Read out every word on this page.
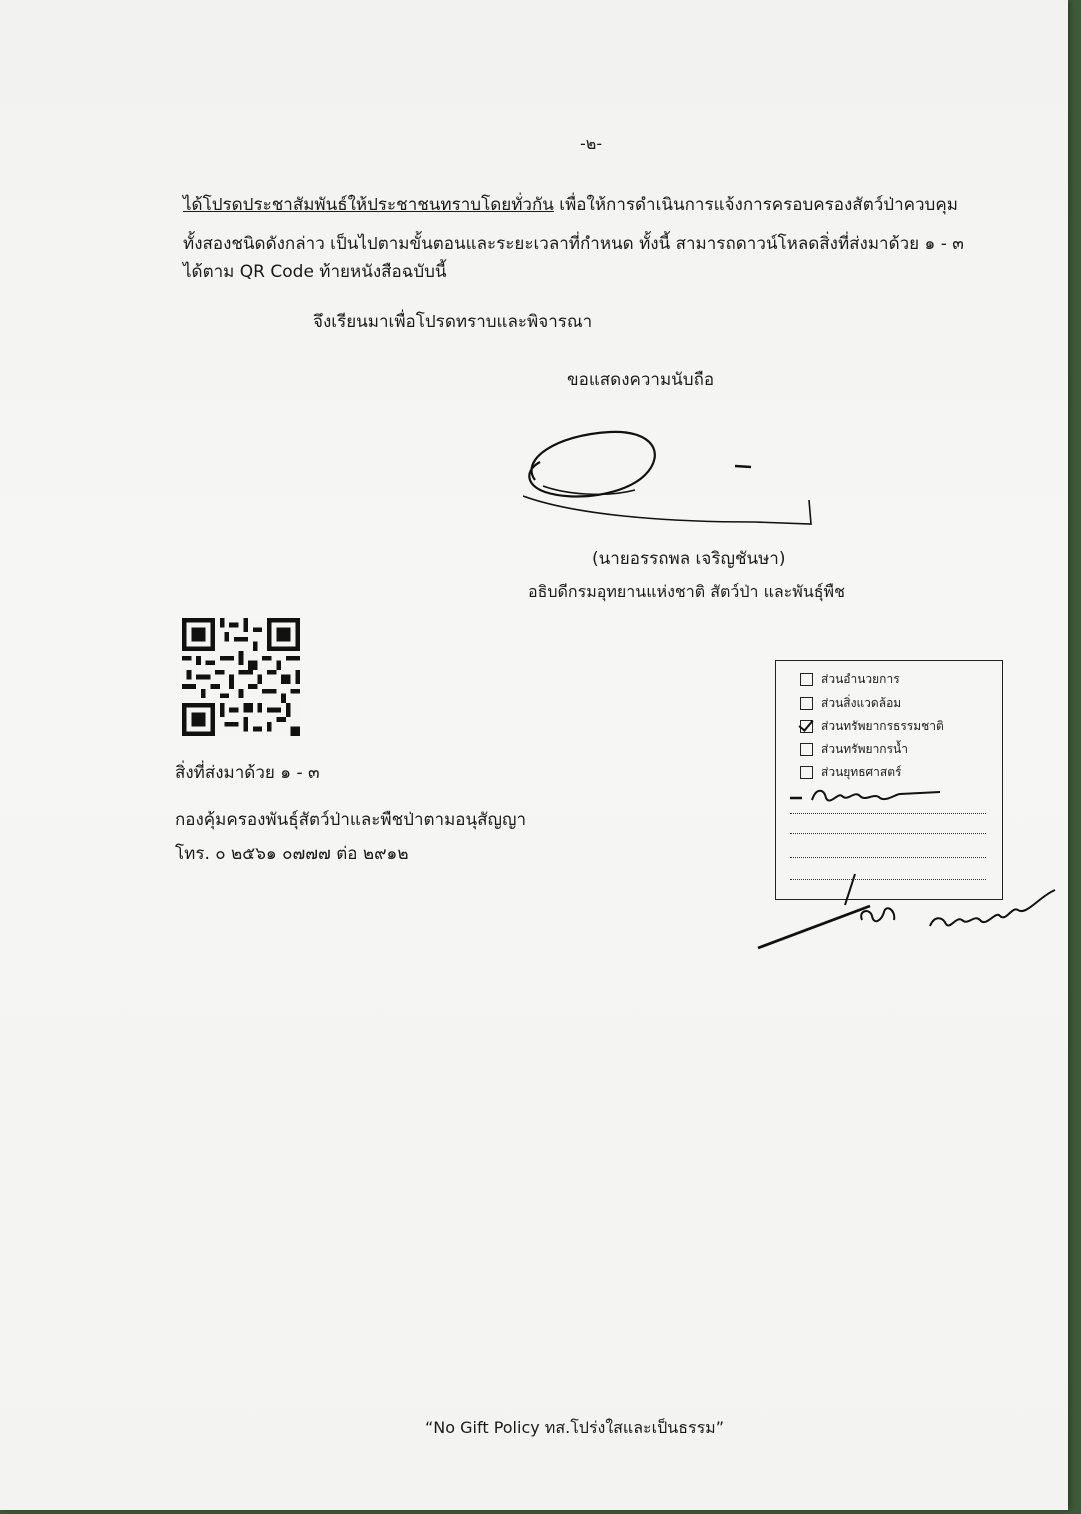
-๒-
ได้โปรดประชาสัมพันธ์ให้ประชาชนทราบโดยทั่วกัน เพื่อให้การดำเนินการแจ้งการครอบครองสัตว์ป่าควบคุม
ทั้งสองชนิดดังกล่าว เป็นไปตามขั้นตอนและระยะเวลาที่กำหนด ทั้งนี้ สามารถดาวน์โหลดสิ่งที่ส่งมาด้วย ๑ - ๓
ได้ตาม QR Code ท้ายหนังสือฉบับนี้
จึงเรียนมาเพื่อโปรดทราบและพิจารณา
ขอแสดงความนับถือ
(นายอรรถพล เจริญชันษา)
อธิบดีกรมอุทยานแห่งชาติ สัตว์ป่า และพันธุ์พืช
สิ่งที่ส่งมาด้วย ๑ - ๓
กองคุ้มครองพันธุ์สัตว์ป่าและพืชป่าตามอนุสัญญา
โทร. ๐ ๒๕๖๑ ๐๗๗๗ ต่อ ๒๙๑๒
ส่วนอำนวยการ
ส่วนสิ่งแวดล้อม
ส่วนทรัพยากรธรรมชาติ
ส่วนทรัพยากรน้ำ
ส่วนยุทธศาสตร์
“No Gift Policy ทส.โปร่งใสและเป็นธรรม”
